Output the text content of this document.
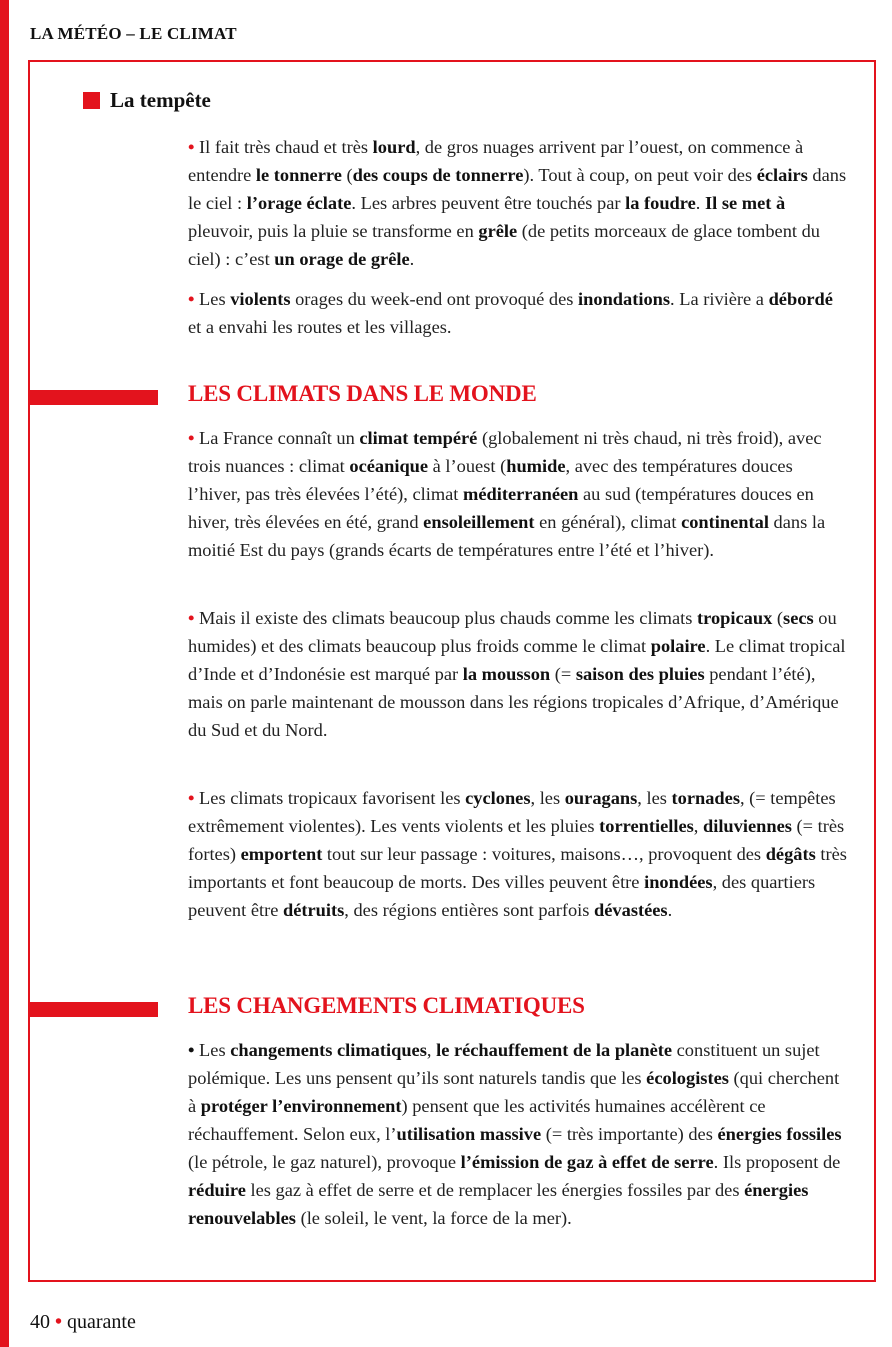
LA MÉTÉO – LE CLIMAT
La tempête
• Il fait très chaud et très lourd, de gros nuages arrivent par l’ouest, on commence à entendre le tonnerre (des coups de tonnerre). Tout à coup, on peut voir des éclairs dans le ciel : l’orage éclate. Les arbres peuvent être touchés par la foudre. Il se met à pleuvoir, puis la pluie se transforme en grêle (de petits morceaux de glace tombent du ciel) : c’est un orage de grêle.
• Les violents orages du week-end ont provoqué des inondations. La rivière a débordé et a envahi les routes et les villages.
LES CLIMATS DANS LE MONDE
• La France connaît un climat tempéré (globalement ni très chaud, ni très froid), avec trois nuances : climat océanique à l’ouest (humide, avec des températures douces l’hiver, pas très élevées l’été), climat méditerranéen au sud (températures douces en hiver, très élevées en été, grand ensoleillement en général), climat continental dans la moitié Est du pays (grands écarts de températures entre l’été et l’hiver).
• Mais il existe des climats beaucoup plus chauds comme les climats tropicaux (secs ou humides) et des climats beaucoup plus froids comme le climat polaire. Le climat tropical d’Inde et d’Indonésie est marqué par la mousson (= saison des pluies pendant l’été), mais on parle maintenant de mousson dans les régions tropicales d’Afrique, d’Amérique du Sud et du Nord.
• Les climats tropicaux favorisent les cyclones, les ouragans, les tornades, (= tempêtes extrêmement violentes). Les vents violents et les pluies torrentielles, diluviennes (= très fortes) emportent tout sur leur passage : voitures, maisons…, provoquent des dégâts très importants et font beaucoup de morts. Des villes peuvent être inondées, des quartiers peuvent être détruits, des régions entières sont parfois dévastées.
LES CHANGEMENTS CLIMATIQUES
• Les changements climatiques, le réchauffement de la planète constituent un sujet polémique. Les uns pensent qu’ils sont naturels tandis que les écologistes (qui cherchent à protéger l’environnement) pensent que les activités humaines accélèrent ce réchauffement. Selon eux, l’utilisation massive (= très importante) des énergies fossiles (le pétrole, le gaz naturel), provoque l’émission de gaz à effet de serre. Ils proposent de réduire les gaz à effet de serre et de remplacer les énergies fossiles par des énergies renouvelables (le soleil, le vent, la force de la mer).
40 • quarante
